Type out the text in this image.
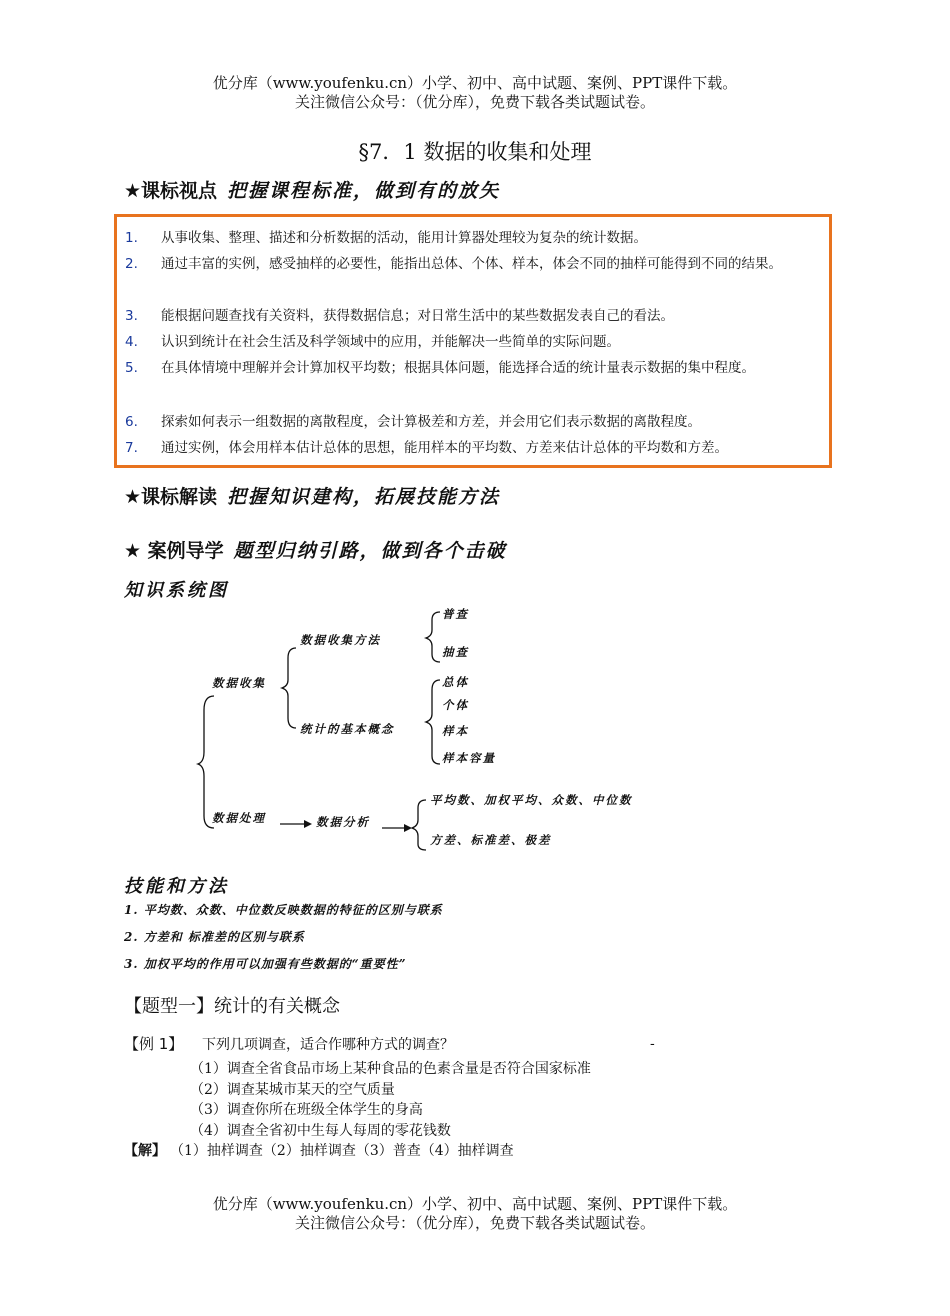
优分库（www.youfenku.cn）小学、初中、高中试题、案例、PPT课件下载。
关注微信公众号：（优分库），免费下载各类试题试卷。
§7．1 数据的收集和处理
★课标视点 把握课程标准，做到有的放矢
1. 从事收集、整理、描述和分析数据的活动，能用计算器处理较为复杂的统计数据。
2. 通过丰富的实例，感受抽样的必要性，能指出总体、个体、样本，体会不同的抽样可能得到不同的结果。
3. 能根据问题查找有关资料，获得数据信息；对日常生活中的某些数据发表自己的看法。
4. 认识到统计在社会生活及科学领域中的应用，并能解决一些简单的实际问题。
5. 在具体情境中理解并会计算加权平均数；根据具体问题，能选择合适的统计量表示数据的集中程度。
6. 探索如何表示一组数据的离散程度，会计算极差和方差，并会用它们表示数据的离散程度。
7. 通过实例，体会用样本估计总体的思想，能用样本的平均数、方差来估计总体的平均数和方差。
★课标解读 把握知识建构，拓展技能方法
★ 案例导学 题型归纳引路，做到各个击破
知识系统图
数据收集
数据收集方法
普查
抽查
统计的基本概念
总体
个体
样本
样本容量
数据处理	数据分析
平均数、加权平均、众数、中位数
方差、标准差、极差
技能和方法
1. 平均数、众数、中位数反映数据的特征的区别与联系
2. 方差和 标准差的区别与联系
3. 加权平均的作用可以加强有些数据的“重要性”
【题型一】统计的有关概念
【例 1】 下列几项调查，适合作哪种方式的调查？	-
（1）调查全省食品市场上某种食品的色素含量是否符合国家标准
（2）调查某城市某天的空气质量
（3）调查你所在班级全体学生的身高
（4）调查全省初中生每人每周的零花钱数
【解】 （1）抽样调查（2）抽样调查（3）普查（4）抽样调查
优分库（www.youfenku.cn）小学、初中、高中试题、案例、PPT课件下载。
关注微信公众号：（优分库），免费下载各类试题试卷。
